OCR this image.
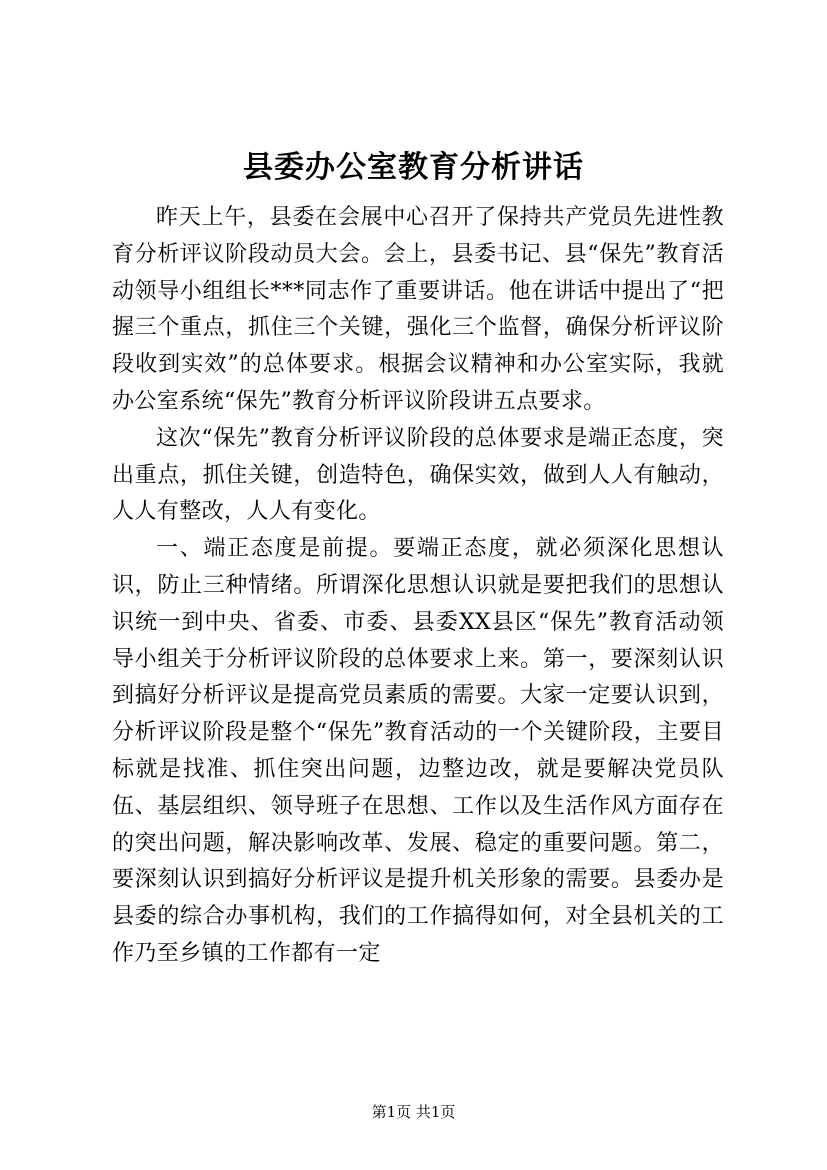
县委办公室教育分析讲话

昨天上午，县委在会展中心召开了保持共产党员先进性教育分析评议阶段动员大会。会上，县委书记、县“保先”教育活动领导小组组长***同志作了重要讲话。他在讲话中提出了“把握三个重点，抓住三个关键，强化三个监督，确保分析评议阶段收到实效”的总体要求。根据会议精神和办公室实际，我就办公室系统“保先”教育分析评议阶段讲五点要求。

这次“保先”教育分析评议阶段的总体要求是端正态度，突出重点，抓住关键，创造特色，确保实效，做到人人有触动，人人有整改，人人有变化。

一、端正态度是前提。要端正态度，就必须深化思想认识，防止三种情绪。所谓深化思想认识就是要把我们的思想认识统一到中央、省委、市委、县委XX县区“保先”教育活动领导小组关于分析评议阶段的总体要求上来。第一，要深刻认识到搞好分析评议是提高党员素质的需要。大家一定要认识到，分析评议阶段是整个“保先”教育活动的一个关键阶段，主要目标就是找准、抓住突出问题，边整边改，就是要解决党员队伍、基层组织、领导班子在思想、工作以及生活作风方面存在的突出问题，解决影响改革、发展、稳定的重要问题。第二，要深刻认识到搞好分析评议是提升机关形象的需要。县委办是县委的综合办事机构，我们的工作搞得如何，对全县机关的工作乃至乡镇的工作都有一定

第1页 共1页
